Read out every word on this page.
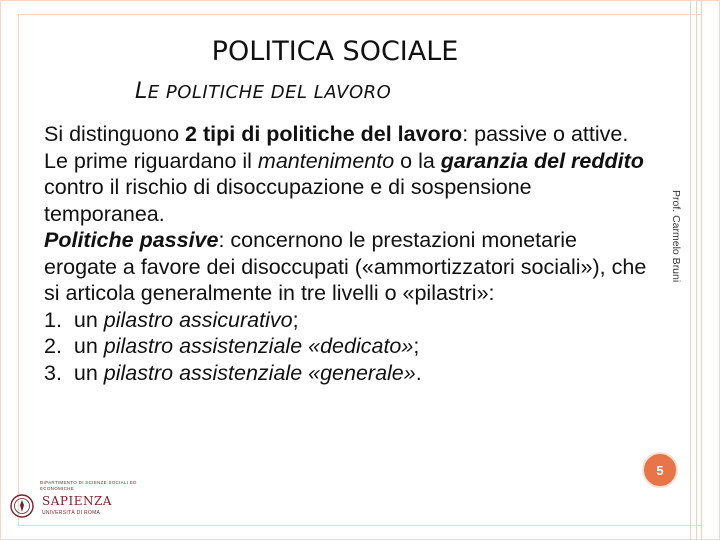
POLITICA SOCIALE
LE POLITICHE DEL LAVORO

Si distinguono 2 tipi di politiche del lavoro: passive o attive.

Le prime riguardano il mantenimento o la garanzia del reddito contro il rischio di disoccupazione e di sospensione temporanea.

Politiche passive: concernono le prestazioni monetarie erogate a favore dei disoccupati («ammortizzatori sociali»), che si articola generalmente in tre livelli o «pilastri»:

1. un pilastro assicurativo;
2. un pilastro assistenziale «dedicato»;
3. un pilastro assistenziale «generale».
Prof. Carmelo Bruni
5
DIPARTIMENTO DI SCIENZE SOCIALI ED ECONOMICHE
SAPIENZA
UNIVERSITÀ DI ROMA
